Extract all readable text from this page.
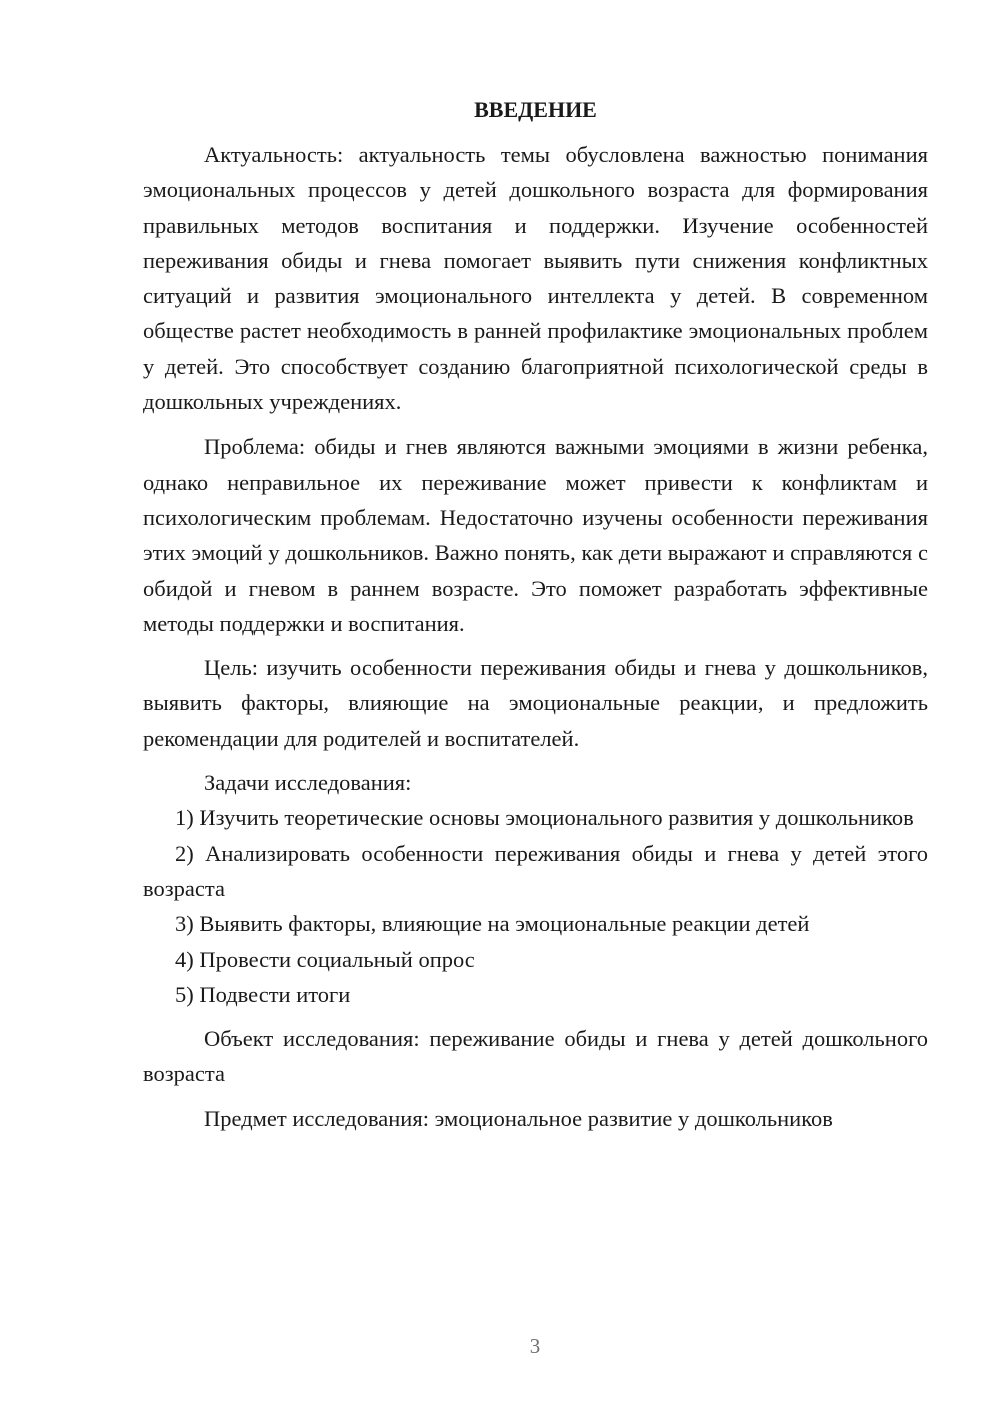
ВВЕДЕНИЕ

Актуальность: актуальность темы обусловлена важностью понимания эмоциональных процессов у детей дошкольного возраста для формирования правильных методов воспитания и поддержки. Изучение особенностей переживания обиды и гнева помогает выявить пути снижения конфликтных ситуаций и развития эмоционального интеллекта у детей. В современном обществе растет необходимость в ранней профилактике эмоциональных проблем у детей. Это способствует созданию благоприятной психологической среды в дошкольных учреждениях.

Проблема: обиды и гнев являются важными эмоциями в жизни ребенка, однако неправильное их переживание может привести к конфликтам и психологическим проблемам. Недостаточно изучены особенности переживания этих эмоций у дошкольников. Важно понять, как дети выражают и справляются с обидой и гневом в раннем возрасте. Это поможет разработать эффективные методы поддержки и воспитания.

Цель: изучить особенности переживания обиды и гнева у дошкольников, выявить факторы, влияющие на эмоциональные реакции, и предложить рекомендации для родителей и воспитателей.

Задачи исследования:

1) Изучить теоретические основы эмоционального развития у дошкольников

2) Анализировать особенности переживания обиды и гнева у детей этого возраста

3) Выявить факторы, влияющие на эмоциональные реакции детей

4) Провести социальный опрос

5) Подвести итоги

Объект исследования: переживание обиды и гнева у детей дошкольного возраста

Предмет исследования: эмоциональное развитие у дошкольников

3
